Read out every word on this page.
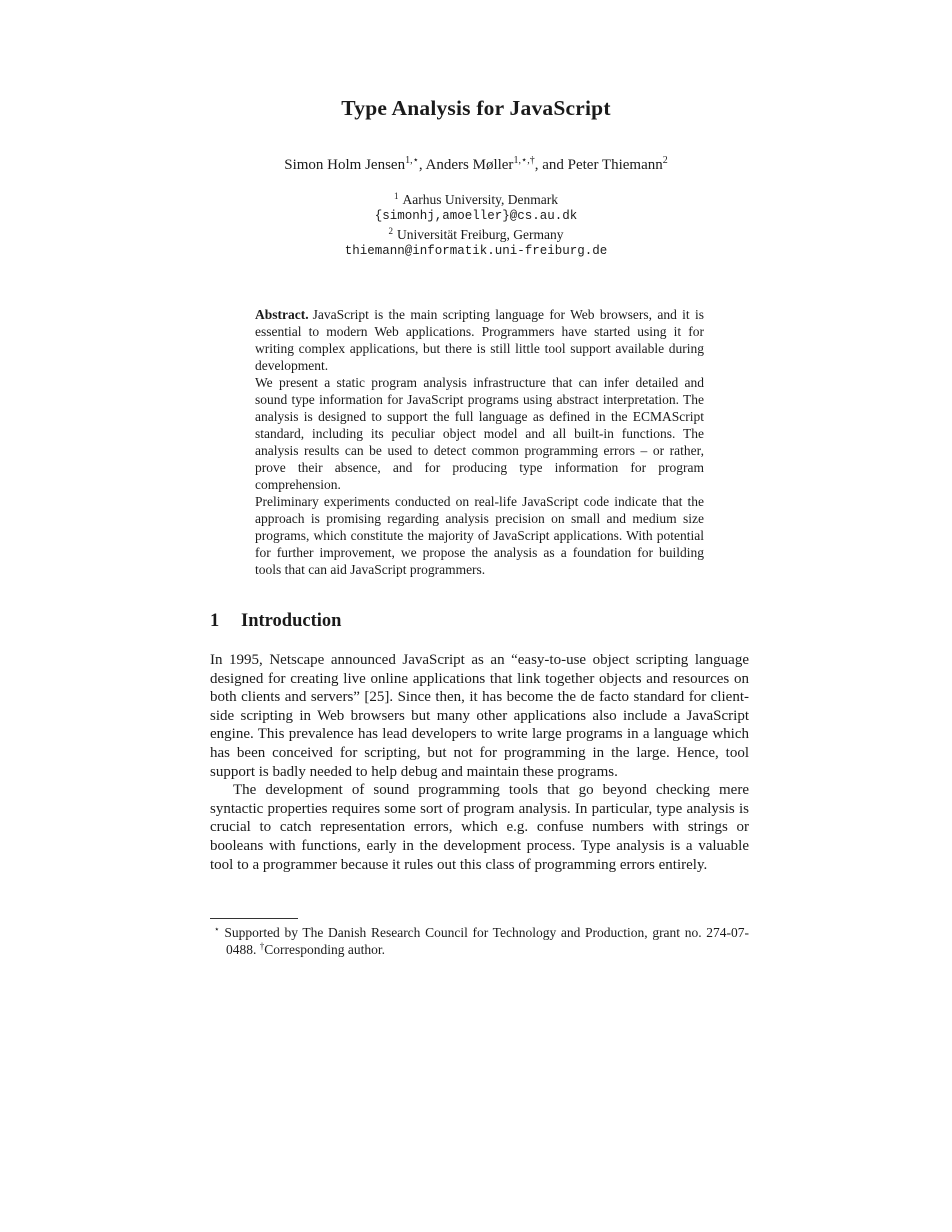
Type Analysis for JavaScript
Simon Holm Jensen$^{1,⋆}$, Anders Møller$^{1,⋆,\dagger}$, and Peter Thiemann$^2$
$^1$ Aarhus University, Denmark
{simonhj,amoeller}@cs.au.dk
$^2$ Universität Freiburg, Germany
thiemann@informatik.uni-freiburg.de

Abstract. JavaScript is the main scripting language for Web browsers, and it is essential to modern Web applications. Programmers have started using it for writing complex applications, but there is still little tool support available during development.

We present a static program analysis infrastructure that can infer detailed and sound type information for JavaScript programs using abstract interpretation. The analysis is designed to support the full language as defined in the ECMAScript standard, including its peculiar object model and all built-in functions. The analysis results can be used to detect common programming errors – or rather, prove their absence, and for producing type information for program comprehension.

Preliminary experiments conducted on real-life JavaScript code indicate that the approach is promising regarding analysis precision on small and medium size programs, which constitute the majority of JavaScript applications. With potential for further improvement, we propose the analysis as a foundation for building tools that can aid JavaScript programmers.

1 Introduction

In 1995, Netscape announced JavaScript as an “easy-to-use object scripting language designed for creating live online applications that link together objects and resources on both clients and servers” [25]. Since then, it has become the de facto standard for client-side scripting in Web browsers but many other applications also include a JavaScript engine. This prevalence has lead developers to write large programs in a language which has been conceived for scripting, but not for programming in the large. Hence, tool support is badly needed to help debug and maintain these programs.

The development of sound programming tools that go beyond checking mere syntactic properties requires some sort of program analysis. In particular, type analysis is crucial to catch representation errors, which e.g. confuse numbers with strings or booleans with functions, early in the development process. Type analysis is a valuable tool to a programmer because it rules out this class of programming errors entirely.

⋆ Supported by The Danish Research Council for Technology and Production, grant no. 274-07-0488. †Corresponding author.
